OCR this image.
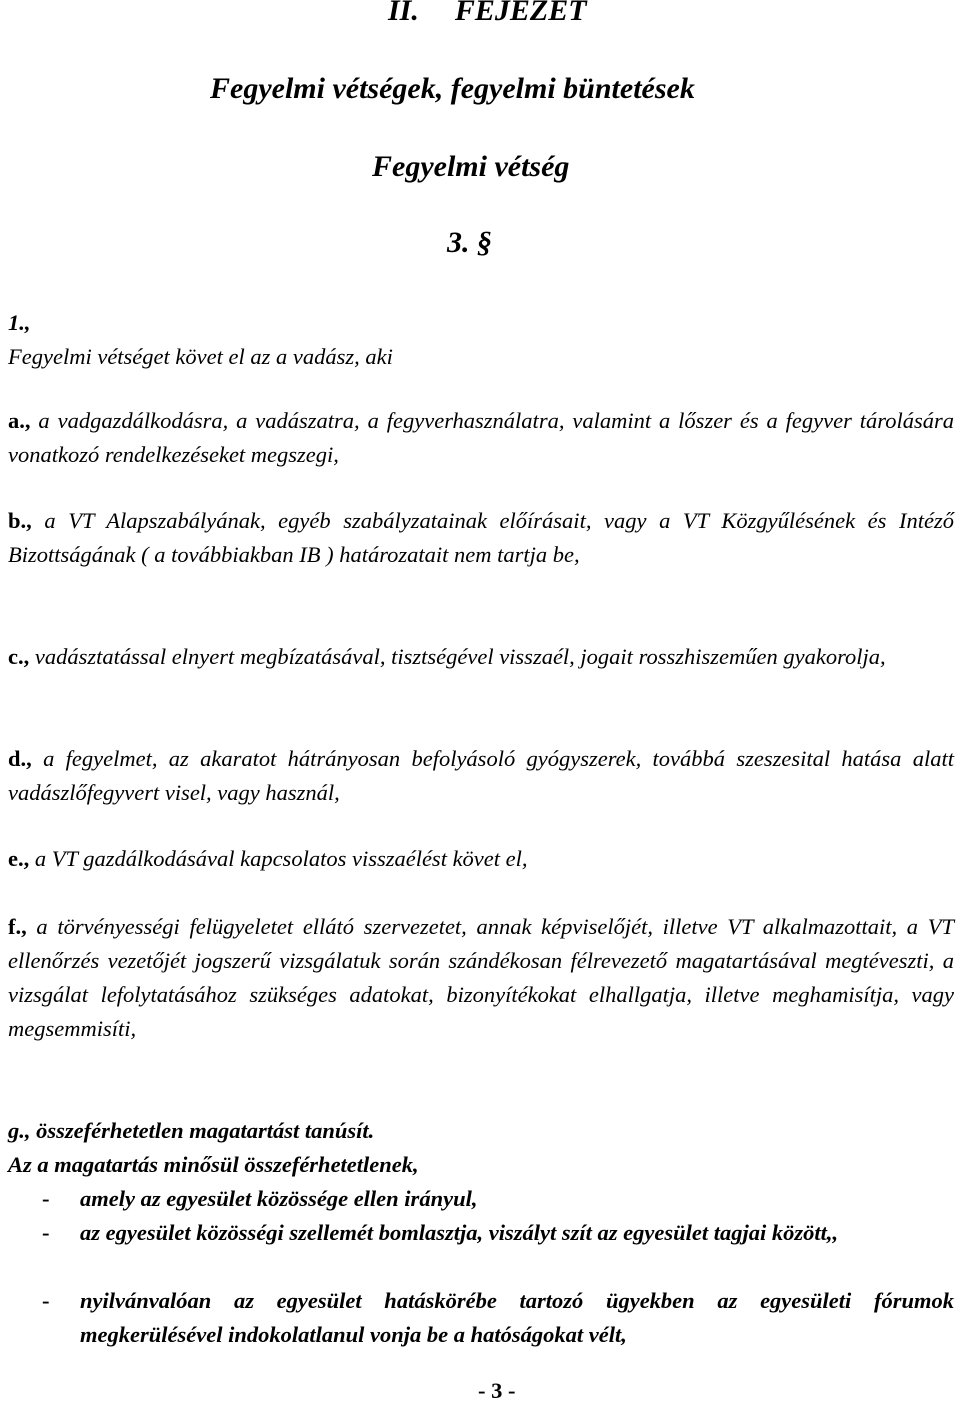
II. FEJEZET
Fegyelmi vétségek, fegyelmi büntetések
Fegyelmi vétség
3. §
1.,
Fegyelmi vétséget követ el az a vadász, aki
a., a vadgazdálkodásra, a vadászatra, a fegyverhasználatra, valamint a lőszer és a fegyver tárolására vonatkozó rendelkezéseket megszegi,
b., a VT Alapszabályának, egyéb szabályzatainak előírásait, vagy a VT Közgyűlésének és Intéző Bizottságának ( a továbbiakban IB ) határozatait nem tartja be,
c., vadásztatással elnyert megbízatásával, tisztségével visszaél, jogait rosszhiszeműen gyakorolja,
d., a fegyelmet, az akaratot hátrányosan befolyásoló gyógyszerek, továbbá szeszesital hatása alatt vadászlőfegyvert visel, vagy használ,
e., a VT gazdálkodásával kapcsolatos visszaélést követ el,
f., a törvényességi felügyeletet ellátó szervezetet, annak képviselőjét, illetve VT alkalmazottait, a VT ellenőrzés vezetőjét jogszerű vizsgálatuk során szándékosan félrevezető magatartásával megtéveszti, a vizsgálat lefolytatásához szükséges adatokat, bizonyítékokat elhallgatja, illetve meghamisítja, vagy megsemmisíti,
g., összeférhetetlen magatartást tanúsít.
Az a magatartás minősül összeférhetetlenek,
- amely az egyesület közössége ellen irányul,
- az egyesület közösségi szellemét bomlasztja, viszályt szít az egyesület tagjai között,,
- nyilvánvalóan az egyesület hatáskörébe tartozó ügyekben az egyesületi fórumok megkerülésével indokolatlanul vonja be a hatóságokat vélt,
- 3 -
